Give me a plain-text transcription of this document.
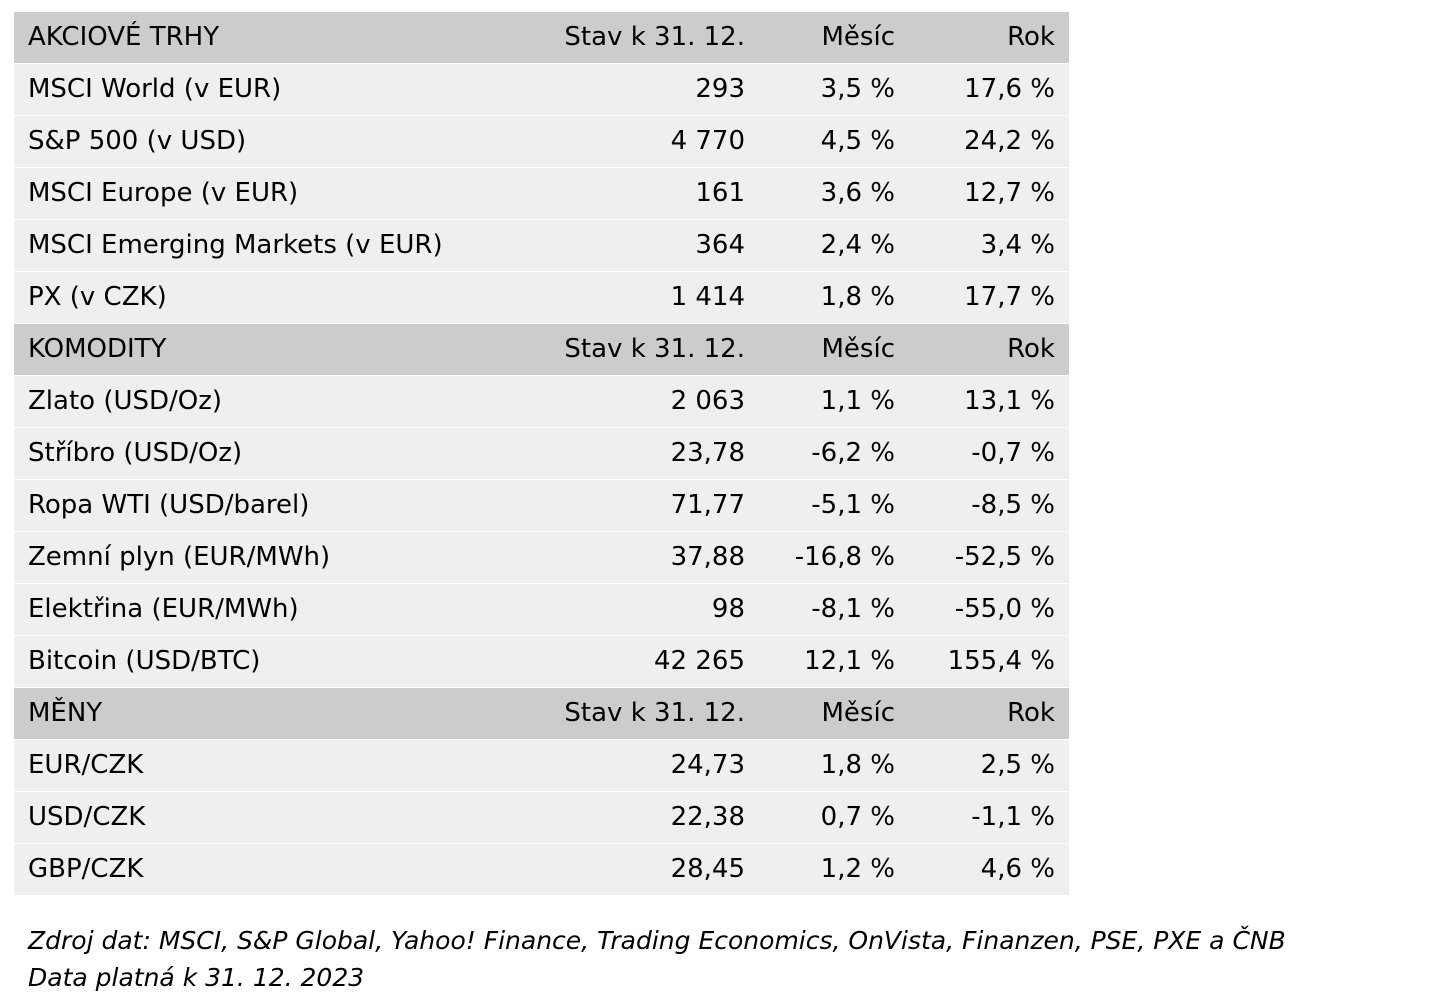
AKCIOVÉ TRHY	Stav k 31. 12.	Měsíc	Rok
MSCI World (v EUR)	293	3,5 %	17,6 %
S&P 500 (v USD)	4 770	4,5 %	24,2 %
MSCI Europe (v EUR)	161	3,6 %	12,7 %
MSCI Emerging Markets (v EUR)	364	2,4 %	3,4 %
PX (v CZK)	1 414	1,8 %	17,7 %
KOMODITY	Stav k 31. 12.	Měsíc	Rok
Zlato (USD/Oz)	2 063	1,1 %	13,1 %
Stříbro (USD/Oz)	23,78	-6,2 %	-0,7 %
Ropa WTI (USD/barel)	71,77	-5,1 %	-8,5 %
Zemní plyn (EUR/MWh)	37,88	-16,8 %	-52,5 %
Elektřina (EUR/MWh)	98	-8,1 %	-55,0 %
Bitcoin (USD/BTC)	42 265	12,1 %	155,4 %
MĚNY	Stav k 31. 12.	Měsíc	Rok
EUR/CZK	24,73	1,8 %	2,5 %
USD/CZK	22,38	0,7 %	-1,1 %
GBP/CZK	28,45	1,2 %	4,6 %
Zdroj dat: MSCI, S&P Global, Yahoo! Finance, Trading Economics, OnVista, Finanzen, PSE, PXE a ČNB
Data platná k 31. 12. 2023
